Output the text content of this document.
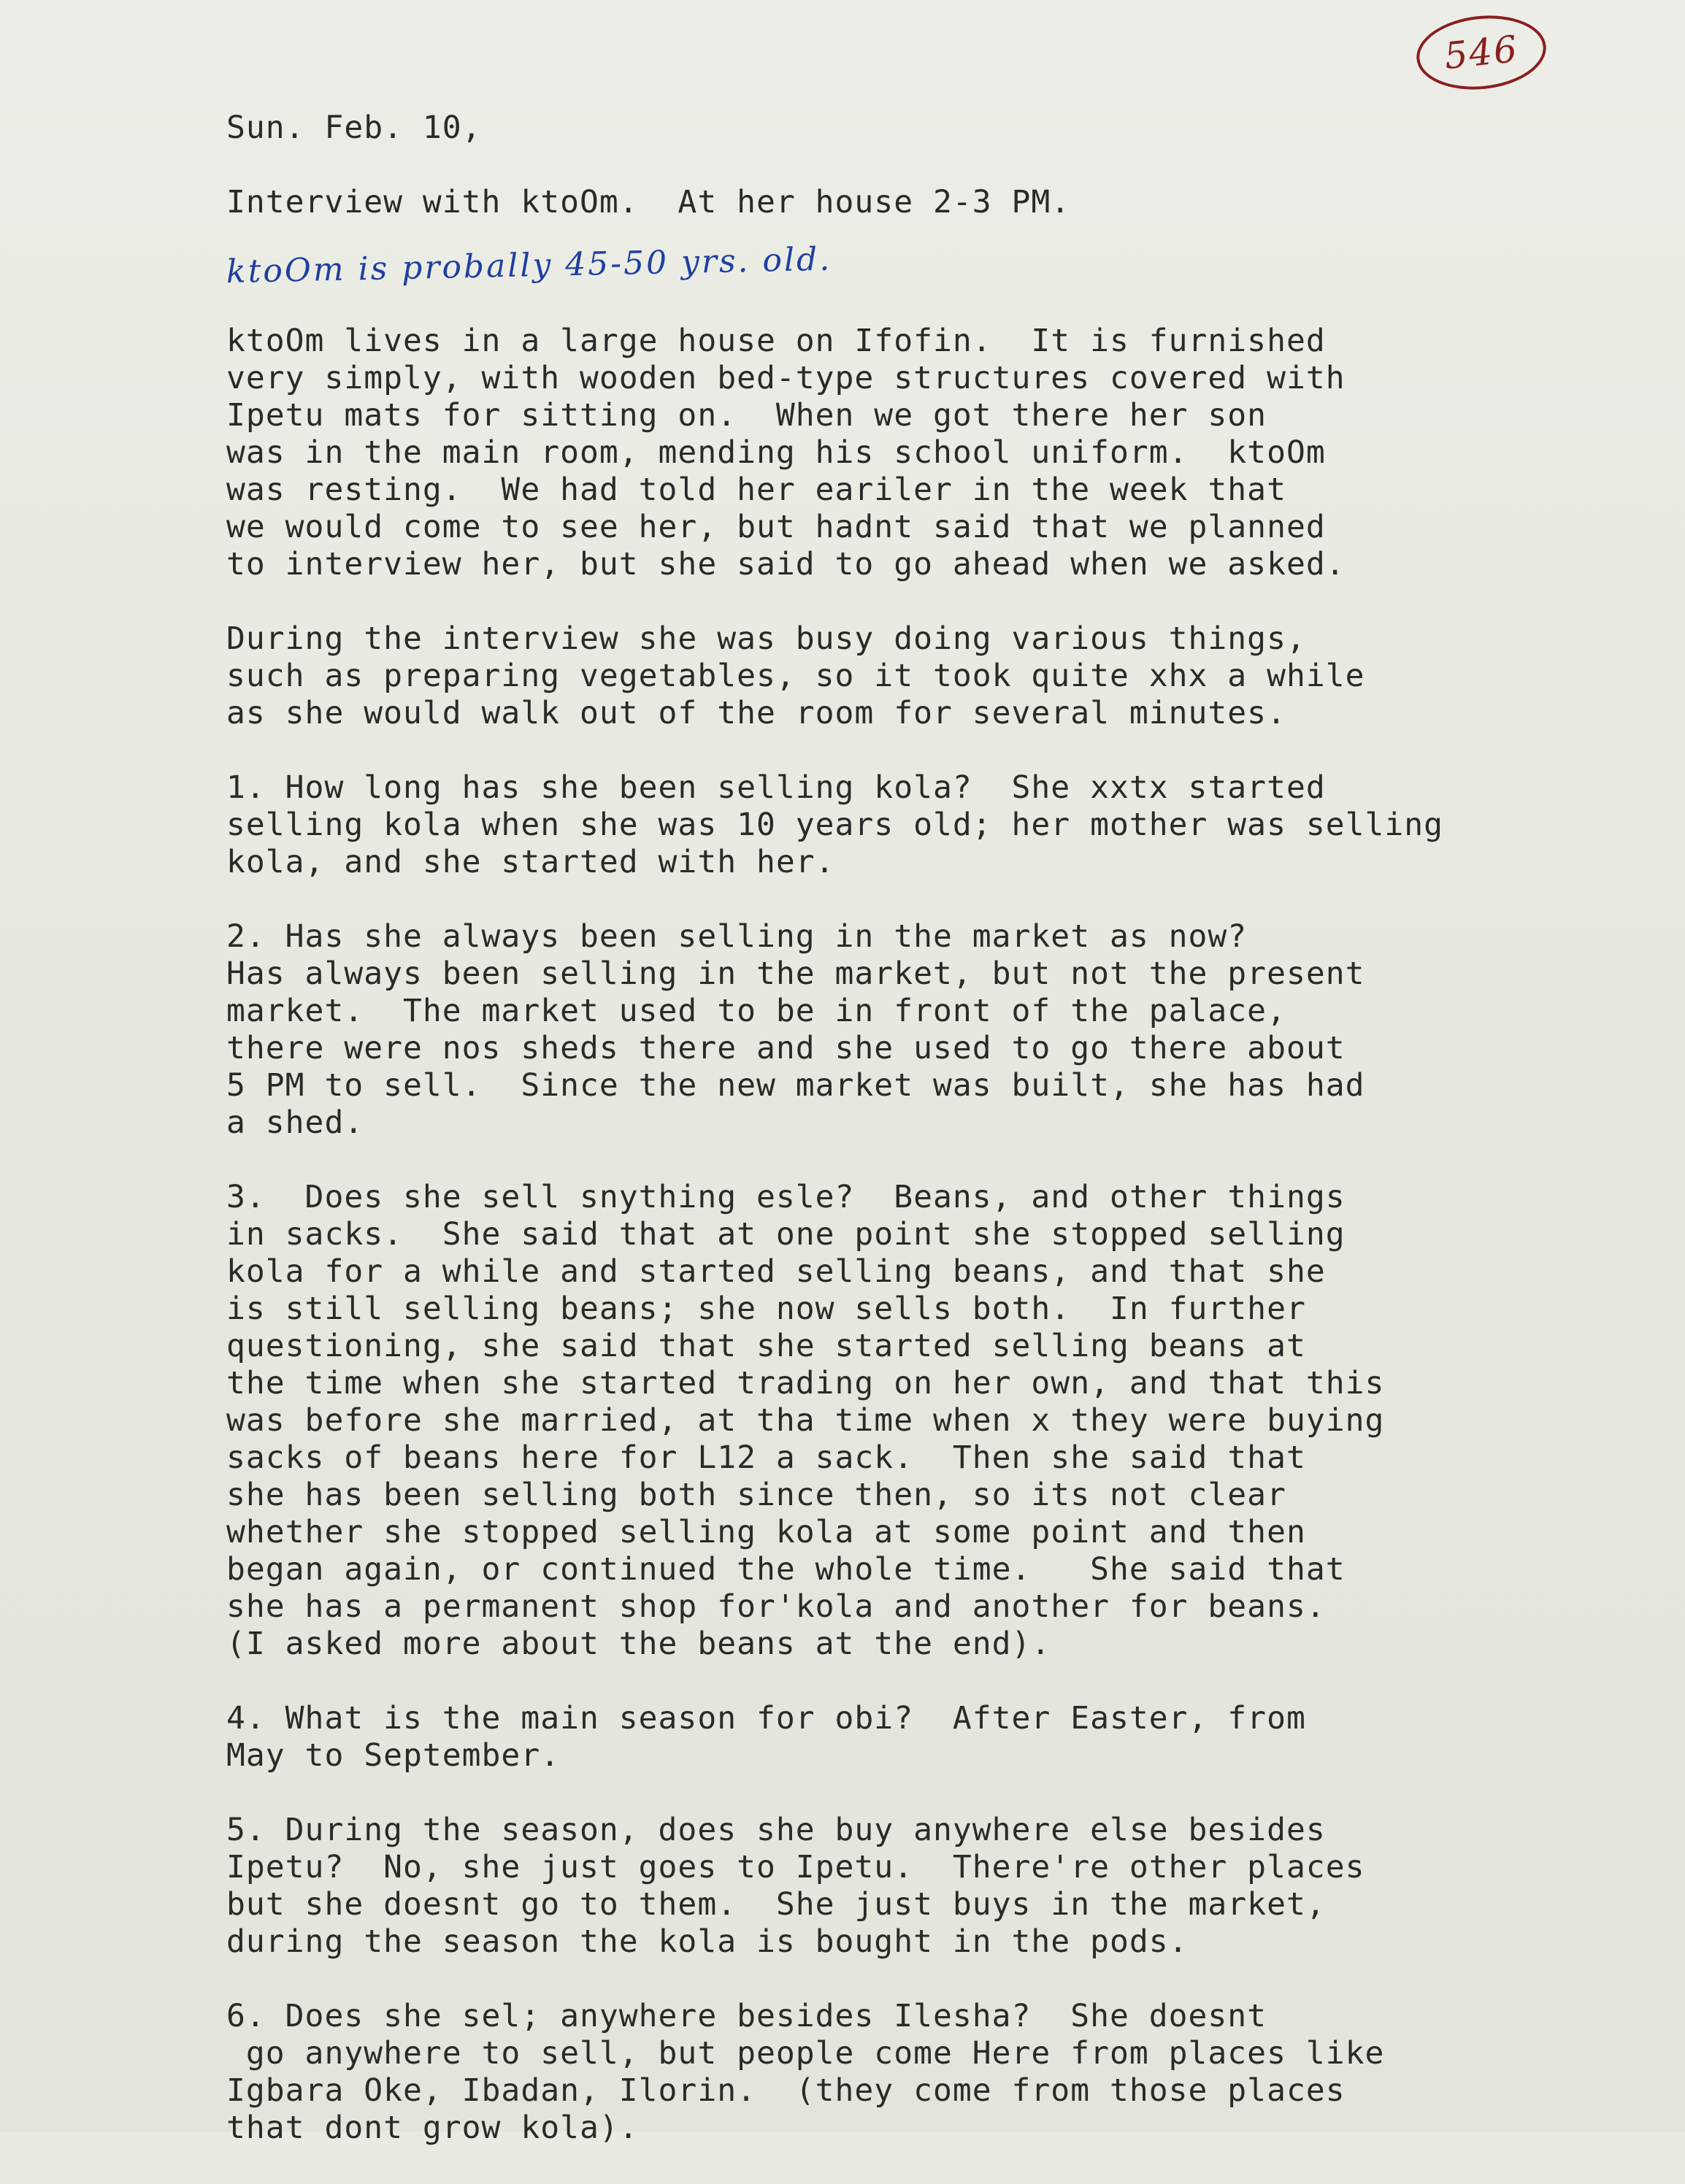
546

Sun. Feb. 10,

Interview with ktoOm.  At her house 2-3 PM.

ktoOm is probally 45-50 yrs. old.

ktoOm lives in a large house on Ifofin.  It is furnished

very simply, with wooden bed-type structures covered with

Ipetu mats for sitting on.  When we got there her son

was in the main room, mending his school uniform.  ktoOm

was resting.  We had told her eariler in the week that

we would come to see her, but hadnt said that we planned

to interview her, but she said to go ahead when we asked.

During the interview she was busy doing various things,

such as preparing vegetables, so it took quite xhx a while

as she would walk out of the room for several minutes.

1. How long has she been selling kola?  She xxtx started

selling kola when she was 10 years old; her mother was selling

kola, and she started with her.

2. Has she always been selling in the market as now?

Has always been selling in the market, but not the present

market.  The market used to be in front of the palace,

there were nos sheds there and she used to go there about

5 PM to sell.  Since the new market was built, she has had

a shed.

3.  Does she sell snything esle?  Beans, and other things

in sacks.  She said that at one point she stopped selling

kola for a while and started selling beans, and that she

is still selling beans; she now sells both.  In further

questioning, she said that she started selling beans at

the time when she started trading on her own, and that this

was before she married, at tha time when x they were buying

sacks of beans here for L12 a sack.  Then she said that

she has been selling both since then, so its not clear

whether she stopped selling kola at some point and then

began again, or continued the whole time.   She said that

she has a permanent shop for'kola and another for beans.

(I asked more about the beans at the end).

4. What is the main season for obi?  After Easter, from

May to September.

5. During the season, does she buy anywhere else besides

Ipetu?  No, she just goes to Ipetu.  There're other places

but she doesnt go to them.  She just buys in the market,

during the season the kola is bought in the pods.

6. Does she sel; anywhere besides Ilesha?  She doesnt

go anywhere to sell, but people come Here from places like

Igbara Oke, Ibadan, Ilorin.  (they come from those places

that dont grow kola).
